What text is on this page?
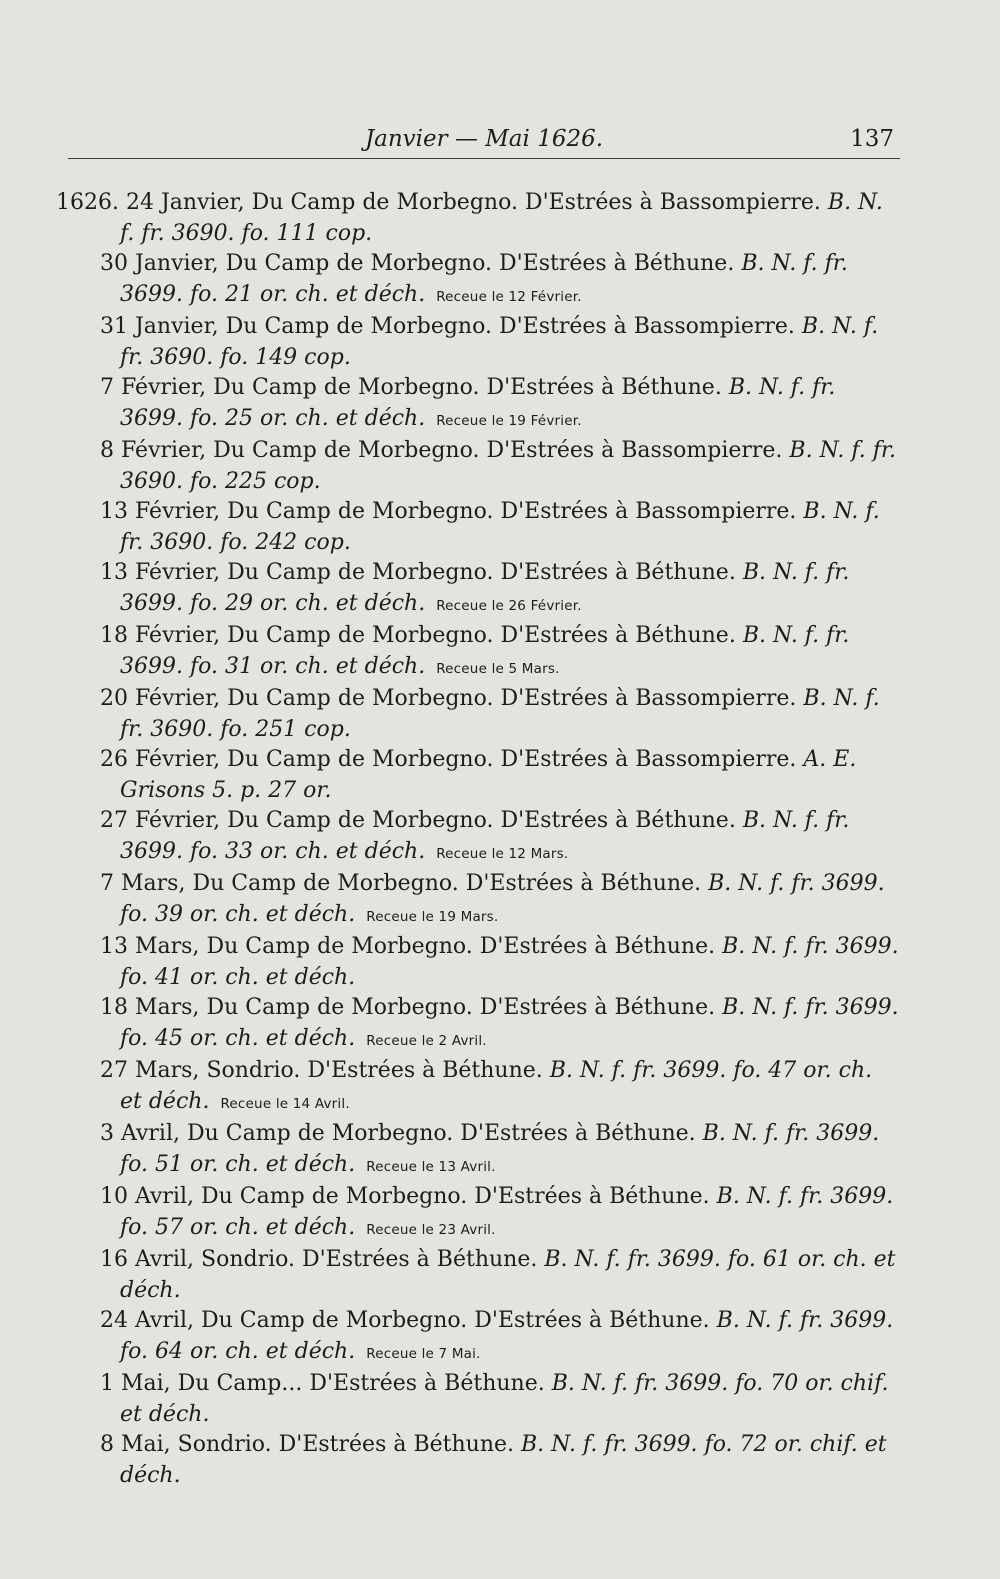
Janvier — Mai 1626.	137

1626. 24 Janvier, Du Camp de Morbegno. D'Estrées à Bassompierre. B. N. f. fr. 3690. fo. 111 cop.

30 Janvier, Du Camp de Morbegno. D'Estrées à Béthune. B. N. f. fr. 3699. fo. 21 or. ch. et déch. Receue le 12 Février.

31 Janvier, Du Camp de Morbegno. D'Estrées à Bassompierre. B. N. f. fr. 3690. fo. 149 cop.

7 Février, Du Camp de Morbegno. D'Estrées à Béthune. B. N. f. fr. 3699. fo. 25 or. ch. et déch. Receue le 19 Février.

8 Février, Du Camp de Morbegno. D'Estrées à Bassompierre. B. N. f. fr. 3690. fo. 225 cop.

13 Février, Du Camp de Morbegno. D'Estrées à Bassompierre. B. N. f. fr. 3690. fo. 242 cop.

13 Février, Du Camp de Morbegno. D'Estrées à Béthune. B. N. f. fr. 3699. fo. 29 or. ch. et déch. Receue le 26 Février.

18 Février, Du Camp de Morbegno. D'Estrées à Béthune. B. N. f. fr. 3699. fo. 31 or. ch. et déch. Receue le 5 Mars.

20 Février, Du Camp de Morbegno. D'Estrées à Bassompierre. B. N. f. fr. 3690. fo. 251 cop.

26 Février, Du Camp de Morbegno. D'Estrées à Bassompierre. A. E. Grisons 5. p. 27 or.

27 Février, Du Camp de Morbegno. D'Estrées à Béthune. B. N. f. fr. 3699. fo. 33 or. ch. et déch. Receue le 12 Mars.

7 Mars, Du Camp de Morbegno. D'Estrées à Béthune. B. N. f. fr. 3699. fo. 39 or. ch. et déch. Receue le 19 Mars.

13 Mars, Du Camp de Morbegno. D'Estrées à Béthune. B. N. f. fr. 3699. fo. 41 or. ch. et déch.

18 Mars, Du Camp de Morbegno. D'Estrées à Béthune. B. N. f. fr. 3699. fo. 45 or. ch. et déch. Receue le 2 Avril.

27 Mars, Sondrio. D'Estrées à Béthune. B. N. f. fr. 3699. fo. 47 or. ch. et déch. Receue le 14 Avril.

3 Avril, Du Camp de Morbegno. D'Estrées à Béthune. B. N. f. fr. 3699. fo. 51 or. ch. et déch. Receue le 13 Avril.

10 Avril, Du Camp de Morbegno. D'Estrées à Béthune. B. N. f. fr. 3699. fo. 57 or. ch. et déch. Receue le 23 Avril.

16 Avril, Sondrio. D'Estrées à Béthune. B. N. f. fr. 3699. fo. 61 or. ch. et déch.

24 Avril, Du Camp de Morbegno. D'Estrées à Béthune. B. N. f. fr. 3699. fo. 64 or. ch. et déch. Receue le 7 Mai.

1 Mai, Du Camp... D'Estrées à Béthune. B. N. f. fr. 3699. fo. 70 or. chif. et déch.

8 Mai, Sondrio. D'Estrées à Béthune. B. N. f. fr. 3699. fo. 72 or. chif. et déch.
